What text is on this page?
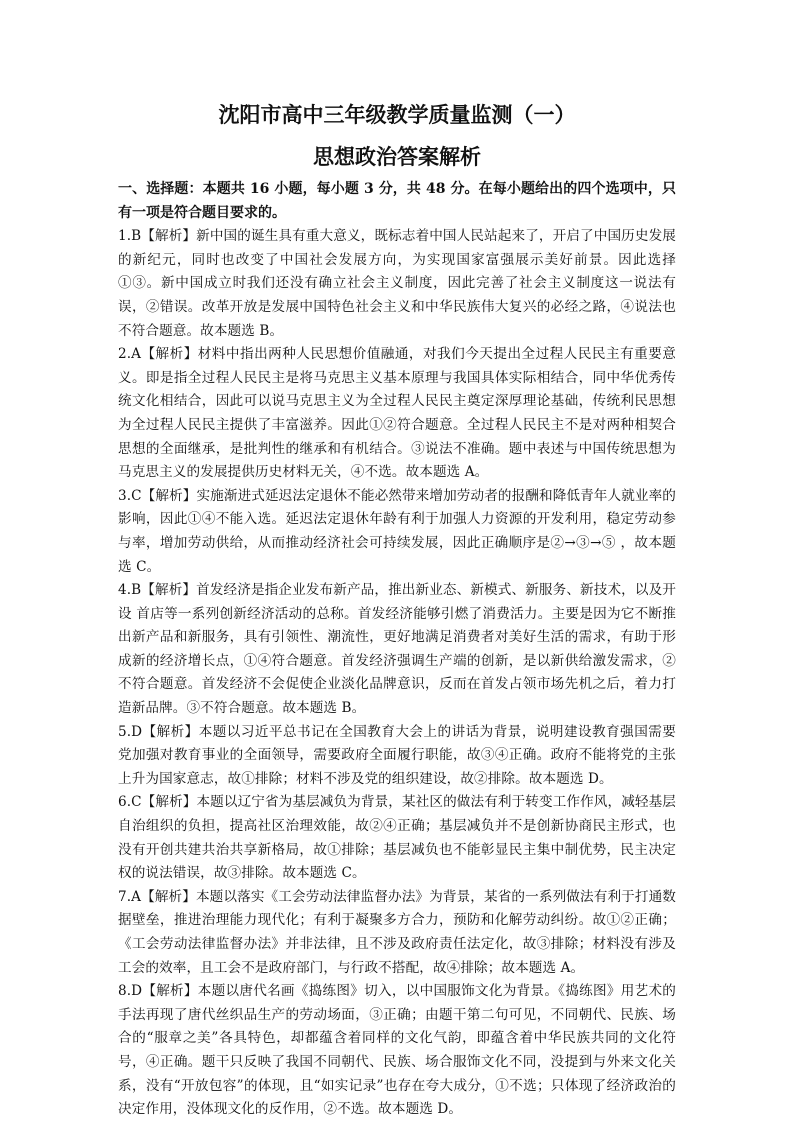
沈阳市高中三年级教学质量监测（一）
思想政治答案解析

一、选择题：本题共 16 小题，每小题 3 分，共 48 分。在每小题给出的四个选项中，只有一项是符合题目要求的。

1.B【解析】新中国的诞生具有重大意义，既标志着中国人民站起来了，开启了中国历史发展的新纪元，同时也改变了中国社会发展方向，为实现国家富强展示美好前景。因此选择①③。新中国成立时我们还没有确立社会主义制度，因此完善了社会主义制度这一说法有误，②错误。改革开放是发展中国特色社会主义和中华民族伟大复兴的必经之路，④说法也不符合题意。故本题选 B。

2.A【解析】材料中指出两种人民思想价值融通，对我们今天提出全过程人民民主有重要意义。即是指全过程人民民主是将马克思主义基本原理与我国具体实际相结合，同中华优秀传统文化相结合，因此可以说马克思主义为全过程人民民主奠定深厚理论基础，传统利民思想为全过程人民民主提供了丰富滋养。因此①②符合题意。全过程人民民主不是对两种相契合思想的全面继承，是批判性的继承和有机结合。③说法不准确。题中表述与中国传统思想为马克思主义的发展提供历史材料无关，④不选。故本题选 A。

3.C【解析】实施渐进式延迟法定退休不能必然带来增加劳动者的报酬和降低青年人就业率的影响，因此①④不能入选。延迟法定退休年龄有利于加强人力资源的开发利用，稳定劳动参与率，增加劳动供给，从而推动经济社会可持续发展，因此正确顺序是②→③→⑤ ，故本题选 C。

4.B【解析】首发经济是指企业发布新产品，推出新业态、新模式、新服务、新技术，以及开设 首店等一系列创新经济活动的总称。首发经济能够引燃了消费活力。主要是因为它不断推出新产品和新服务，具有引领性、潮流性，更好地满足消费者对美好生活的需求，有助于形成新的经济增长点，①④符合题意。首发经济强调生产端的创新，是以新供给激发需求，②不符合题意。首发经济不会促使企业淡化品牌意识，反而在首发占领市场先机之后，着力打造新品牌。③不符合题意。故本题选 B。

5.D【解析】本题以习近平总书记在全国教育大会上的讲话为背景，说明建设教育强国需要党加强对教育事业的全面领导，需要政府全面履行职能，故③④正确。政府不能将党的主张上升为国家意志，故①排除；材料不涉及党的组织建设，故②排除。故本题选 D。

6.C【解析】本题以辽宁省为基层减负为背景，某社区的做法有利于转变工作作风，减轻基层自治组织的负担，提高社区治理效能，故②④正确；基层减负并不是创新协商民主形式，也没有开创共建共治共享新格局，故①排除；基层减负也不能彰显民主集中制优势，民主决定权的说法错误，故③排除。故本题选 C。

7.A【解析】本题以落实《工会劳动法律监督办法》为背景，某省的一系列做法有利于打通数据壁垒，推进治理能力现代化；有利于凝聚多方合力，预防和化解劳动纠纷。故①②正确；《工会劳动法律监督办法》并非法律，且不涉及政府责任法定化，故③排除；材料没有涉及工会的效率，且工会不是政府部门，与行政不搭配，故④排除；故本题选 A。

8.D【解析】本题以唐代名画《捣练图》切入，以中国服饰文化为背景。《捣练图》用艺术的手法再现了唐代丝织品生产的劳动场面，③正确；由题干第二句可见，不同朝代、民族、场合的“服章之美”各具特色，却都蕴含着同样的文化气韵，即蕴含着中华民族共同的文化符号，④正确。题干只反映了我国不同朝代、民族、场合服饰文化不同，没提到与外来文化关系，没有“开放包容”的体现，且“如实记录”也存在夸大成分，①不选；只体现了经济政治的决定作用，没体现文化的反作用，②不选。故本题选 D。
